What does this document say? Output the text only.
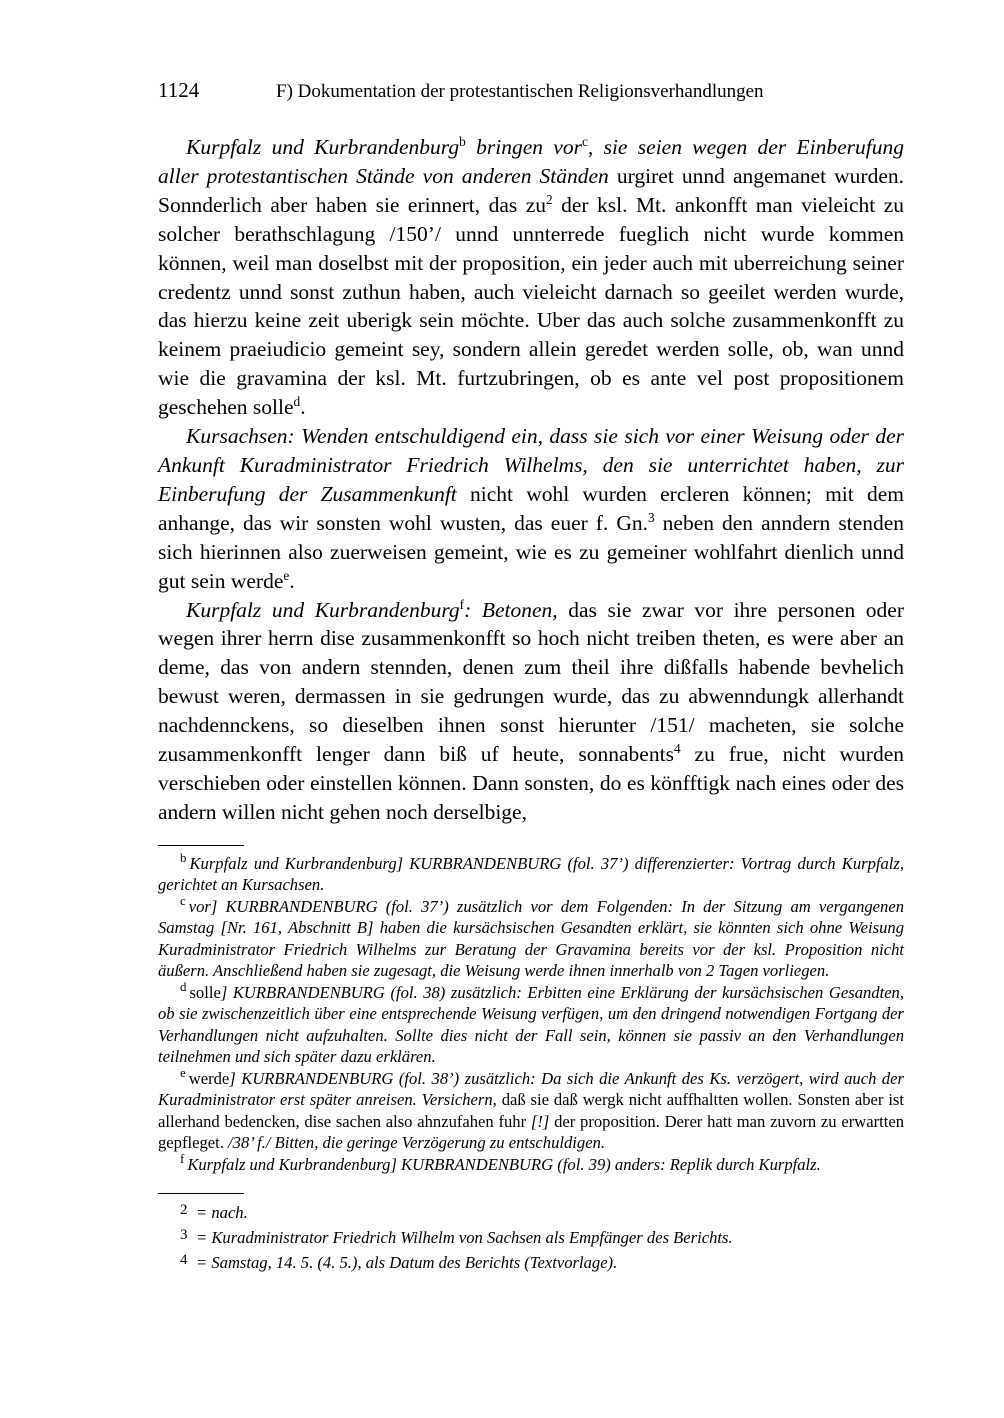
1124	F) Dokumentation der protestantischen Religionsverhandlungen

Kurpfalz und Kurbrandenburg$^b$ bringen vor$^c$, sie seien wegen der Einberufung aller protestantischen Stände von anderen Ständen urgiret unnd angemanet wurden. Sonnderlich aber haben sie erinnert, das $zu^2$ der ksl. Mt. ankonfft man vieleicht zu solcher berathschlagung /150’/ unnd unnterrede fueglich nicht wurde kommen können, weil man doselbst mit der proposition, ein jeder auch mit uberreichung seiner credentz unnd sonst zuthun haben, auch vieleicht darnach so geeilet werden wurde, das hierzu keine zeit uberigk sein möchte. Uber das auch solche zusammenkonfft zu keinem praeiudicio gemeint sey, sondern allein geredet werden solle, ob, wan unnd wie die gravamina der ksl. Mt. furtzubringen, ob es ante vel post propositionem geschehen solle$^d$.

Kursachsen: Wenden entschuldigend ein, dass sie sich vor einer Weisung oder der Ankunft Kuradministrator Friedrich Wilhelms, den sie unterrichtet haben, zur Einberufung der Zusammenkunft nicht wohl wurden ercleren können; mit dem anhange, das wir sonsten wohl wusten, das euer f. Gn.$^3$ neben den anndern stenden sich hierinnen also zuerweisen gemeint, wie es zu gemeiner wohlfahrt dienlich unnd gut sein werde$^e$.

Kurpfalz und Kurbrandenburg$^f$: Betonen, das sie zwar vor ihre personen oder wegen ihrer herrn dise zusammenkonfft so hoch nicht treiben theten, es were aber an deme, das von andern stennden, denen zum theil ihre dißfalls habende bevhelich bewust weren, dermassen in sie gedrungen wurde, das zu abwenndungk allerhandt nachdennckens, so dieselben ihnen sonst hierunter /151/ macheten, sie solche zusammenkonfft lenger dann biß uf heute, sonnabents$^4$ zu frue, nicht wurden verschieben oder einstellen können. Dann sonsten, do es könfftigk nach eines oder des andern willen nicht gehen noch derselbige,

$^b$ Kurpfalz und Kurbrandenburg] KURBRANDENBURG (fol. 37’) differenzierter: Vortrag durch Kurpfalz, gerichtet an Kursachsen.

$^c$ vor] KURBRANDENBURG (fol. 37’) zusätzlich vor dem Folgenden: In der Sitzung am vergangenen Samstag [Nr. 161, Abschnitt B] haben die kursächsischen Gesandten erklärt, sie könnten sich ohne Weisung Kuradministrator Friedrich Wilhelms zur Beratung der Gravamina bereits vor der ksl. Proposition nicht äußern. Anschließend haben sie zugesagt, die Weisung werde ihnen innerhalb von 2 Tagen vorliegen.

$^d$ solle] KURBRANDENBURG (fol. 38) zusätzlich: Erbitten eine Erklärung der kursächsischen Gesandten, ob sie zwischenzeitlich über eine entsprechende Weisung verfügen, um den dringend notwendigen Fortgang der Verhandlungen nicht aufzuhalten. Sollte dies nicht der Fall sein, können sie passiv an den Verhandlungen teilnehmen und sich später dazu erklären.

$^e$ werde] KURBRANDENBURG (fol. 38’) zusätzlich: Da sich die Ankunft des Ks. verzögert, wird auch der Kuradministrator erst später anreisen. Versichern, daß sie daß wergk nicht auffhaltten wollen. Sonsten aber ist allerhand bedencken, dise sachen also ahnzufahen fuhr [!] der proposition. Derer hatt man zuvorn zu erwartten gepfleget. /38’ f./ Bitten, die geringe Verzögerung zu entschuldigen.

$^f$ Kurpfalz und Kurbrandenburg] KURBRANDENBURG (fol. 39) anders: Replik durch Kurpfalz.

2 = nach.
3 = Kuradministrator Friedrich Wilhelm von Sachsen als Empfänger des Berichts.
4 = Samstag, 14. 5. (4. 5.), als Datum des Berichts (Textvorlage).
